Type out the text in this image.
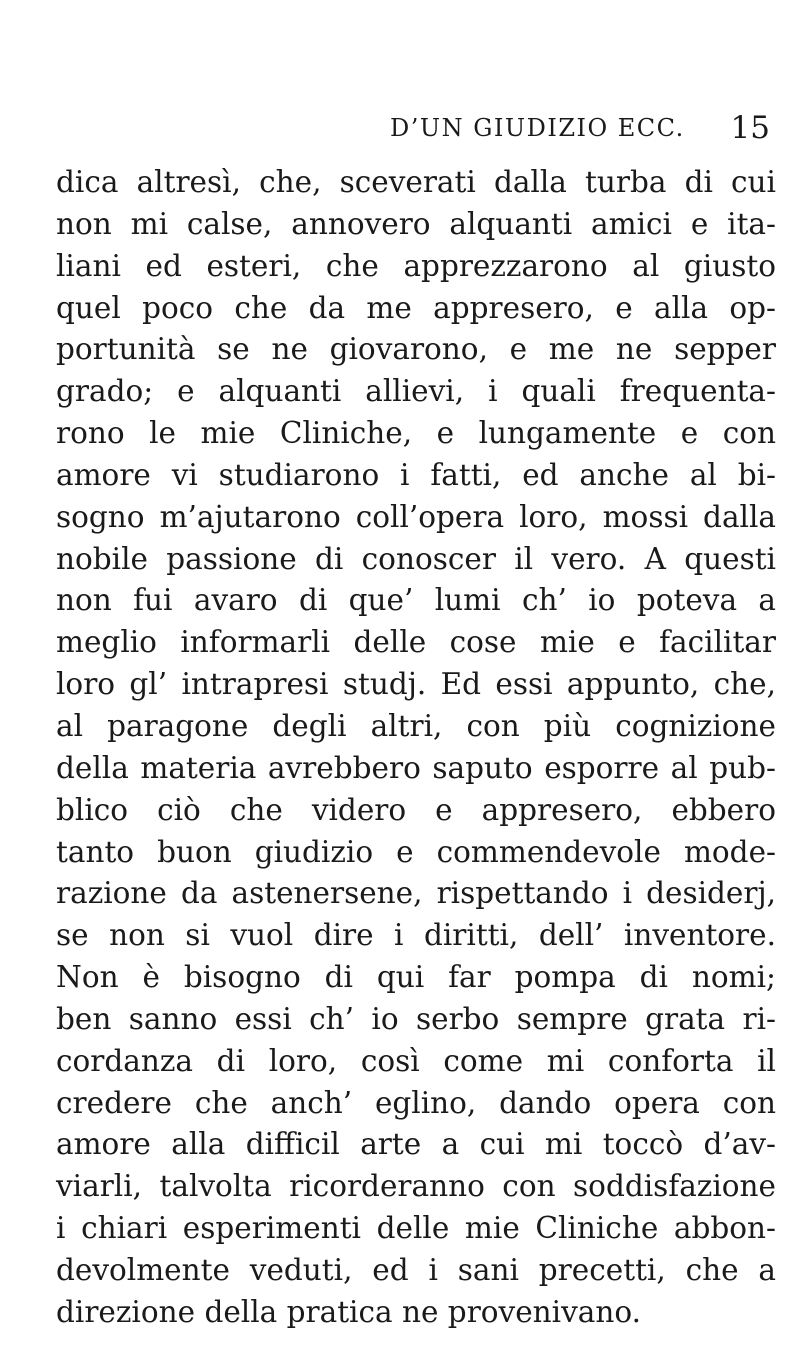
D’UN GIUDIZIO ECC. 15
dica altresì, che, sceverati dalla turba di cui
non mi calse, annovero alquanti amici e ita-
liani ed esteri, che apprezzarono al giusto
quel poco che da me appresero, e alla op-
portunità se ne giovarono, e me ne sepper
grado; e alquanti allievi, i quali frequenta-
rono le mie Cliniche, e lungamente e con
amore vi studiarono i fatti, ed anche al bi-
sogno m’ajutarono coll’opera loro, mossi dalla
nobile passione di conoscer il vero. A questi
non fui avaro di que’ lumi ch’ io poteva a
meglio informarli delle cose mie e facilitar
loro gl’ intrapresi studj. Ed essi appunto, che,
al paragone degli altri, con più cognizione
della materia avrebbero saputo esporre al pub-
blico ciò che videro e appresero, ebbero
tanto buon giudizio e commendevole mode-
razione da astenersene, rispettando i desiderj,
se non si vuol dire i diritti, dell’ inventore.
Non è bisogno di qui far pompa di nomi;
ben sanno essi ch’ io serbo sempre grata ri-
cordanza di loro, così come mi conforta il
credere che anch’ eglino, dando opera con
amore alla difficil arte a cui mi toccò d’av-
viarli, talvolta ricorderanno con soddisfazione
i chiari esperimenti delle mie Cliniche abbon-
devolmente veduti, ed i sani precetti, che a
direzione della pratica ne provenivano.
